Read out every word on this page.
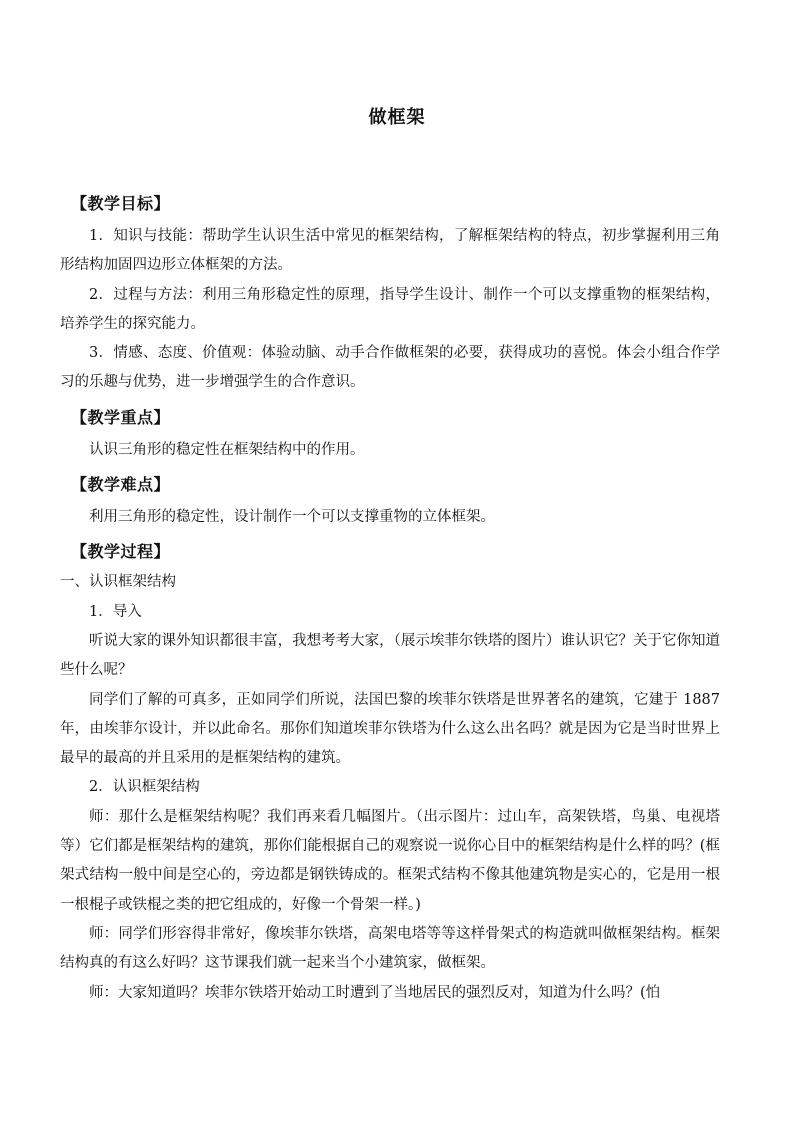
做框架
【教学目标】

1．知识与技能：帮助学生认识生活中常见的框架结构，了解框架结构的特点，初步掌握利用三角形结构加固四边形立体框架的方法。

2．过程与方法：利用三角形稳定性的原理，指导学生设计、制作一个可以支撑重物的框架结构，培养学生的探究能力。

3．情感、态度、价值观：体验动脑、动手合作做框架的必要，获得成功的喜悦。体会小组合作学习的乐趣与优势，进一步增强学生的合作意识。

【教学重点】

认识三角形的稳定性在框架结构中的作用。

【教学难点】

利用三角形的稳定性，设计制作一个可以支撑重物的立体框架。

【教学过程】

一、认识框架结构

1．导入

听说大家的课外知识都很丰富，我想考考大家，（展示埃菲尔铁塔的图片）谁认识它？关于它你知道些什么呢？

同学们了解的可真多，正如同学们所说，法国巴黎的埃菲尔铁塔是世界著名的建筑，它建于 1887 年，由埃菲尔设计，并以此命名。那你们知道埃菲尔铁塔为什么这么出名吗？就是因为它是当时世界上最早的最高的并且采用的是框架结构的建筑。

2．认识框架结构

师：那什么是框架结构呢？我们再来看几幅图片。（出示图片：过山车，高架铁塔，鸟巢、电视塔等）它们都是框架结构的建筑，那你们能根据自己的观察说一说你心目中的框架结构是什么样的吗？(框架式结构一般中间是空心的，旁边都是钢铁铸成的。框架式结构不像其他建筑物是实心的，它是用一根一根棍子或铁棍之类的把它组成的，好像一个骨架一样。)

师：同学们形容得非常好，像埃菲尔铁塔，高架电塔等等这样骨架式的构造就叫做框架结构。框架结构真的有这么好吗？这节课我们就一起来当个小建筑家，做框架。

师：大家知道吗？埃菲尔铁塔开始动工时遭到了当地居民的强烈反对，知道为什么吗？(怕
